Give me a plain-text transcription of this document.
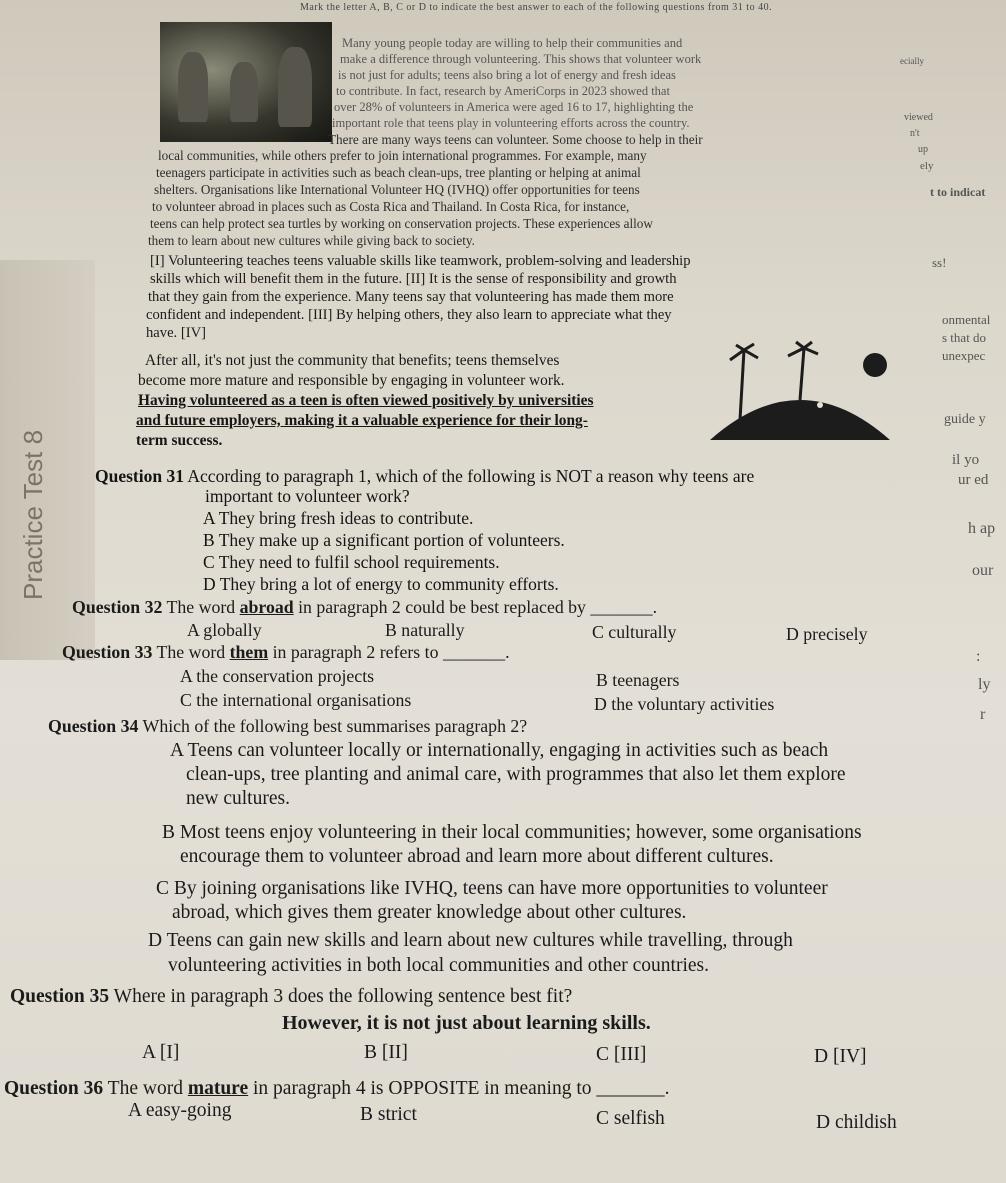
Mark the letter A, B, C or D to indicate the best answer to each of the following questions from 31 to 40.
Many young people today are willing to help their communities and
make a difference through volunteering. This shows that volunteer work
is not just for adults; teens also bring a lot of energy and fresh ideas
to contribute. In fact, research by AmeriCorps in 2023 showed that
over 28% of volunteers in America were aged 16 to 17, highlighting the
important role that teens play in volunteering efforts across the country.
There are many ways teens can volunteer. Some choose to help in their
local communities, while others prefer to join international programmes. For example, many
teenagers participate in activities such as beach clean-ups, tree planting or helping at animal
shelters. Organisations like International Volunteer HQ (IVHQ) offer opportunities for teens
to volunteer abroad in places such as Costa Rica and Thailand. In Costa Rica, for instance,
teens can help protect sea turtles by working on conservation projects. These experiences allow
them to learn about new cultures while giving back to society.
[I] Volunteering teaches teens valuable skills like teamwork, problem-solving and leadership
skills which will benefit them in the future. [II] It is the sense of responsibility and growth
that they gain from the experience. Many teens say that volunteering has made them more
confident and independent. [III] By helping others, they also learn to appreciate what they
have. [IV]
After all, it's not just the community that benefits; teens themselves
become more mature and responsible by engaging in volunteer work.
Having volunteered as a teen is often viewed positively by universities
and future employers, making it a valuable experience for their long-
term success.
Practice Test 8
ecially
viewed
n't
up
ely
t to indicat
ss!
onmental
s that do
unexpec
guide y
il yo
ur ed
h ap
our
:
ly
r
Question 31 According to paragraph 1, which of the following is NOT a reason why teens are
important to volunteer work?
A They bring fresh ideas to contribute.
B They make up a significant portion of volunteers.
C They need to fulfil school requirements.
D They bring a lot of energy to community efforts.
Question 32 The word abroad in paragraph 2 could be best replaced by _______.
A globally	B naturally	C culturally	D precisely
Question 33 The word them in paragraph 2 refers to _______.
A the conservation projects	B teenagers
C the international organisations	D the voluntary activities
Question 34 Which of the following best summarises paragraph 2?
A Teens can volunteer locally or internationally, engaging in activities such as beach
clean-ups, tree planting and animal care, with programmes that also let them explore
new cultures.
B Most teens enjoy volunteering in their local communities; however, some organisations
encourage them to volunteer abroad and learn more about different cultures.
C By joining organisations like IVHQ, teens can have more opportunities to volunteer
abroad, which gives them greater knowledge about other cultures.
D Teens can gain new skills and learn about new cultures while travelling, through
volunteering activities in both local communities and other countries.
Question 35 Where in paragraph 3 does the following sentence best fit?
However, it is not just about learning skills.
A [I]	B [II]	C [III]	D [IV]
Question 36 The word mature in paragraph 4 is OPPOSITE in meaning to _______.
A easy-going	B strict	C selfish	D childish
